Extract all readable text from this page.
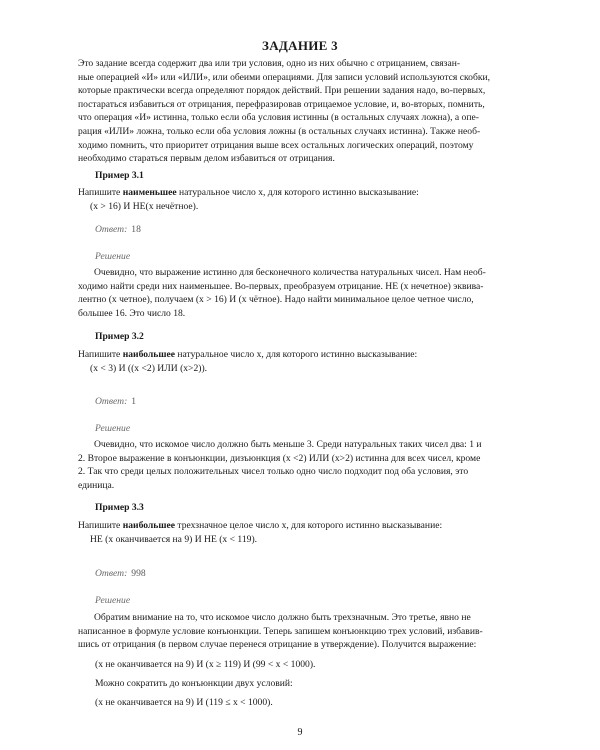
ЗАДАНИЕ 3
Это задание всегда содержит два или три условия, одно из них обычно с отрицанием, связан-
ные операцией «И» или «ИЛИ», или обеими операциями. Для записи условий используются скобки,
которые практически всегда определяют порядок действий. При решении задания надо, во-первых,
постараться избавиться от отрицания, перефразировав отрицаемое условие, и, во-вторых, помнить,
что операция «И» истинна, только если оба условия истинны (в остальных случаях ложна), а опе-
рация «ИЛИ» ложна, только если оба условия ложны (в остальных случаях истинна). Также необ-
ходимо помнить, что приоритет отрицания выше всех остальных логических операций, поэтому
необходимо стараться первым делом избавиться от отрицания.
Пример 3.1
Напишите наименьшее натуральное число x, для которого истинно высказывание:
(x > 16) И НЕ(x нечётное).
Ответ: 18
Решение
Очевидно, что выражение истинно для бесконечного количества натуральных чисел. Нам необ-
ходимо найти среди них наименьшее. Во-первых, преобразуем отрицание. НЕ (x нечетное) эквива-
лентно (x четное), получаем (x > 16) И (x чётное). Надо найти минимальное целое четное число,
большее 16. Это число 18.
Пример 3.2
Напишите наибольшее натуральное число x, для которого истинно высказывание:
(x < 3) И ((x <2) ИЛИ (x>2)).
Ответ: 1
Решение
Очевидно, что искомое число должно быть меньше 3. Среди натуральных таких чисел два: 1 и
2. Второе выражение в конъюнкции, дизъюнкция (x <2) ИЛИ (x>2) истинна для всех чисел, кроме
2. Так что среди целых положительных чисел только одно число подходит под оба условия, это
единица.
Пример 3.3
Напишите наибольшее трехзначное целое число x, для которого истинно высказывание:
НЕ (x оканчивается на 9) И НЕ (x < 119).
Ответ: 998
Решение
Обратим внимание на то, что искомое число должно быть трехзначным. Это третье, явно не
написанное в формуле условие конъюнкции. Теперь запишем конъюнкцию трех условий, избавив-
шись от отрицания (в первом случае перенеся отрицание в утверждение). Получится выражение:
(x не оканчивается на 9) И (x ≥ 119) И (99 < x < 1000).
Можно сократить до конъюнкции двух условий:
(x не оканчивается на 9) И (119 ≤ x < 1000).
9
